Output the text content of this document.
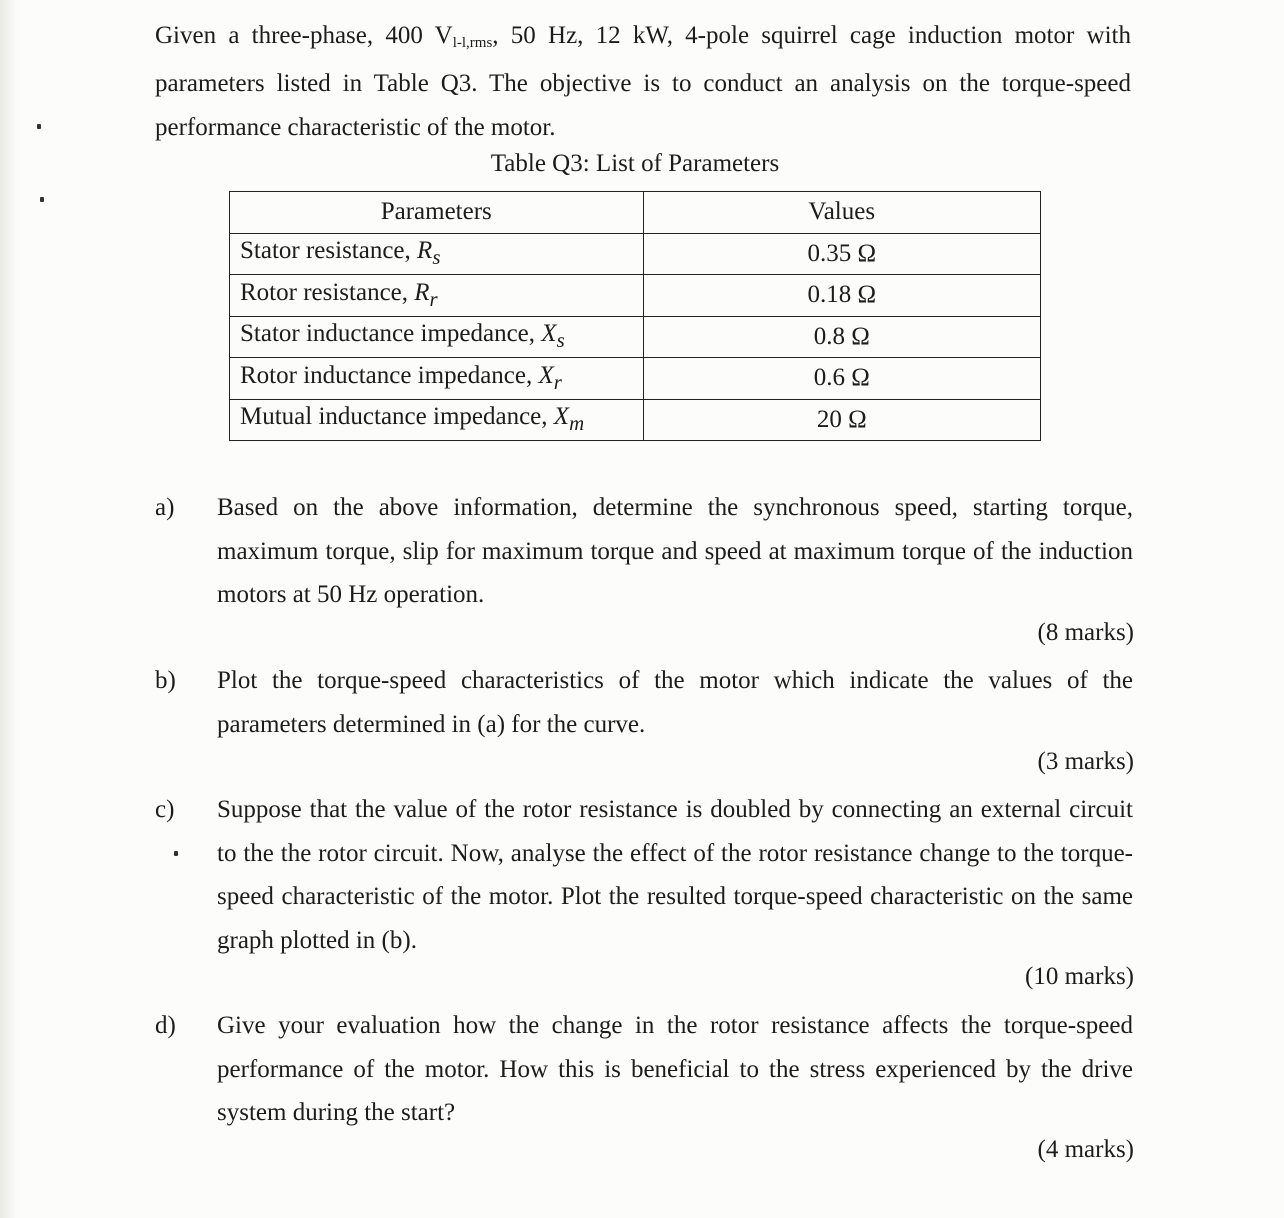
Given a three-phase, 400 Vl-l,rms, 50 Hz, 12 kW, 4-pole squirrel cage induction motor with parameters listed in Table Q3. The objective is to conduct an analysis on the torque-speed performance characteristic of the motor.

Table Q3: List of Parameters
Parameters	Values
Stator resistance, $R_s$	0.35 Ω
Rotor resistance, $R_r$	0.18 Ω
Stator inductance impedance, $X_s$	0.8 Ω
Rotor inductance impedance, $X_r$	0.6 Ω
Mutual inductance impedance, $X_m$	20 Ω
a) Based on the above information, determine the synchronous speed, starting torque, maximum torque, slip for maximum torque and speed at maximum torque of the induction motors at 50 Hz operation.
(8 marks)
b) Plot the torque-speed characteristics of the motor which indicate the values of the parameters determined in (a) for the curve.
(3 marks)
c) Suppose that the value of the rotor resistance is doubled by connecting an external circuit to the the rotor circuit. Now, analyse the effect of the rotor resistance change to the torque-speed characteristic of the motor. Plot the resulted torque-speed characteristic on the same graph plotted in (b).
(10 marks)
d) Give your evaluation how the change in the rotor resistance affects the torque-speed performance of the motor. How this is beneficial to the stress experienced by the drive system during the start?
(4 marks)
